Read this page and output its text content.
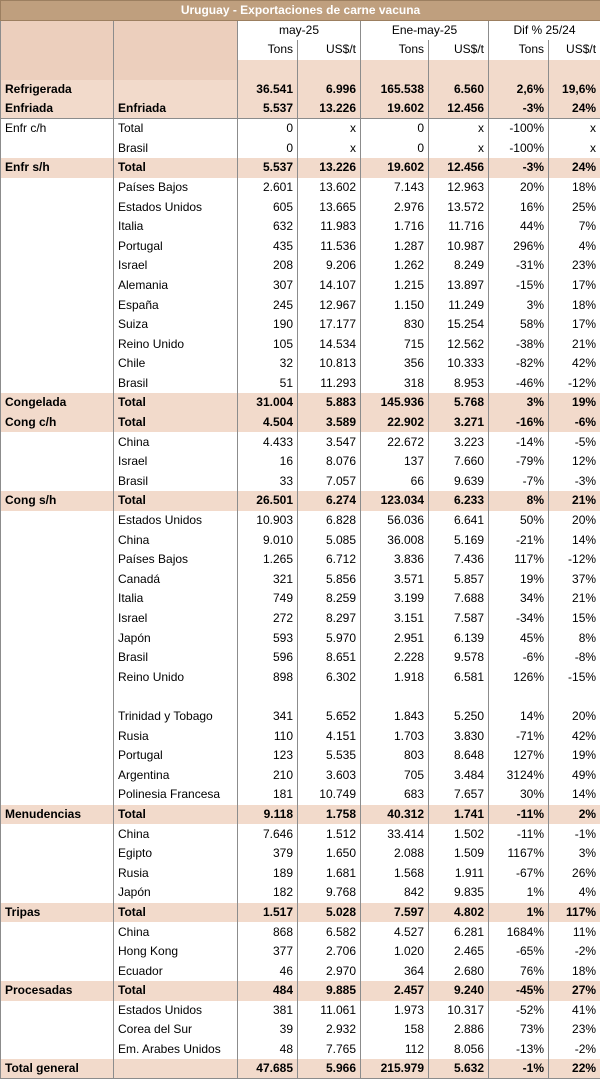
Uruguay - Exportaciones de carne vacuna							
		may-25		Ene-may-25		Dif % 25/24	
		Tons	US$/t	Tons	US$/t	Tons	US$/t

Refrigerada		36.541	6.996	165.538	6.560	2,6%	19,6%
Enfriada	Enfriada	5.537	13.226	19.602	12.456	-3%	24%
Enfr c/h	Total	0	x	0	x	-100%	x
	Brasil	0	x	0	x	-100%	x
Enfr s/h	Total	5.537	13.226	19.602	12.456	-3%	24%
	Países Bajos	2.601	13.602	7.143	12.963	20%	18%
	Estados Unidos	605	13.665	2.976	13.572	16%	25%
	Italia	632	11.983	1.716	11.716	44%	7%
	Portugal	435	11.536	1.287	10.987	296%	4%
	Israel	208	9.206	1.262	8.249	-31%	23%
	Alemania	307	14.107	1.215	13.897	-15%	17%
	España	245	12.967	1.150	11.249	3%	18%
	Suiza	190	17.177	830	15.254	58%	17%
	Reino Unido	105	14.534	715	12.562	-38%	21%
	Chile	32	10.813	356	10.333	-82%	42%
	Brasil	51	11.293	318	8.953	-46%	-12%
Congelada	Total	31.004	5.883	145.936	5.768	3%	19%
Cong c/h	Total	4.504	3.589	22.902	3.271	-16%	-6%
	China	4.433	3.547	22.672	3.223	-14%	-5%
	Israel	16	8.076	137	7.660	-79%	12%
	Brasil	33	7.057	66	9.639	-7%	-3%
Cong s/h	Total	26.501	6.274	123.034	6.233	8%	21%
	Estados Unidos	10.903	6.828	56.036	6.641	50%	20%
	China	9.010	5.085	36.008	5.169	-21%	14%
	Países Bajos	1.265	6.712	3.836	7.436	117%	-12%
	Canadá	321	5.856	3.571	5.857	19%	37%
	Italia	749	8.259	3.199	7.688	34%	21%
	Israel	272	8.297	3.151	7.587	-34%	15%
	Japón	593	5.970	2.951	6.139	45%	8%
	Brasil	596	8.651	2.228	9.578	-6%	-8%
	Reino Unido	898	6.302	1.918	6.581	126%	-15%

	Trinidad y Tobago	341	5.652	1.843	5.250	14%	20%
	Rusia	110	4.151	1.703	3.830	-71%	42%
	Portugal	123	5.535	803	8.648	127%	19%
	Argentina	210	3.603	705	3.484	3124%	49%
	Polinesia Francesa	181	10.749	683	7.657	30%	14%
Menudencias	Total	9.118	1.758	40.312	1.741	-11%	2%
	China	7.646	1.512	33.414	1.502	-11%	-1%
	Egipto	379	1.650	2.088	1.509	1167%	3%
	Rusia	189	1.681	1.568	1.911	-67%	26%
	Japón	182	9.768	842	9.835	1%	4%
Tripas	Total	1.517	5.028	7.597	4.802	1%	117%
	China	868	6.582	4.527	6.281	1684%	11%
	Hong Kong	377	2.706	1.020	2.465	-65%	-2%
	Ecuador	46	2.970	364	2.680	76%	18%
Procesadas	Total	484	9.885	2.457	9.240	-45%	27%
	Estados Unidos	381	11.061	1.973	10.317	-52%	41%
	Corea del Sur	39	2.932	158	2.886	73%	23%
	Em. Arabes Unidos	48	7.765	112	8.056	-13%	-2%
Total general		47.685	5.966	215.979	5.632	-1%	22%
